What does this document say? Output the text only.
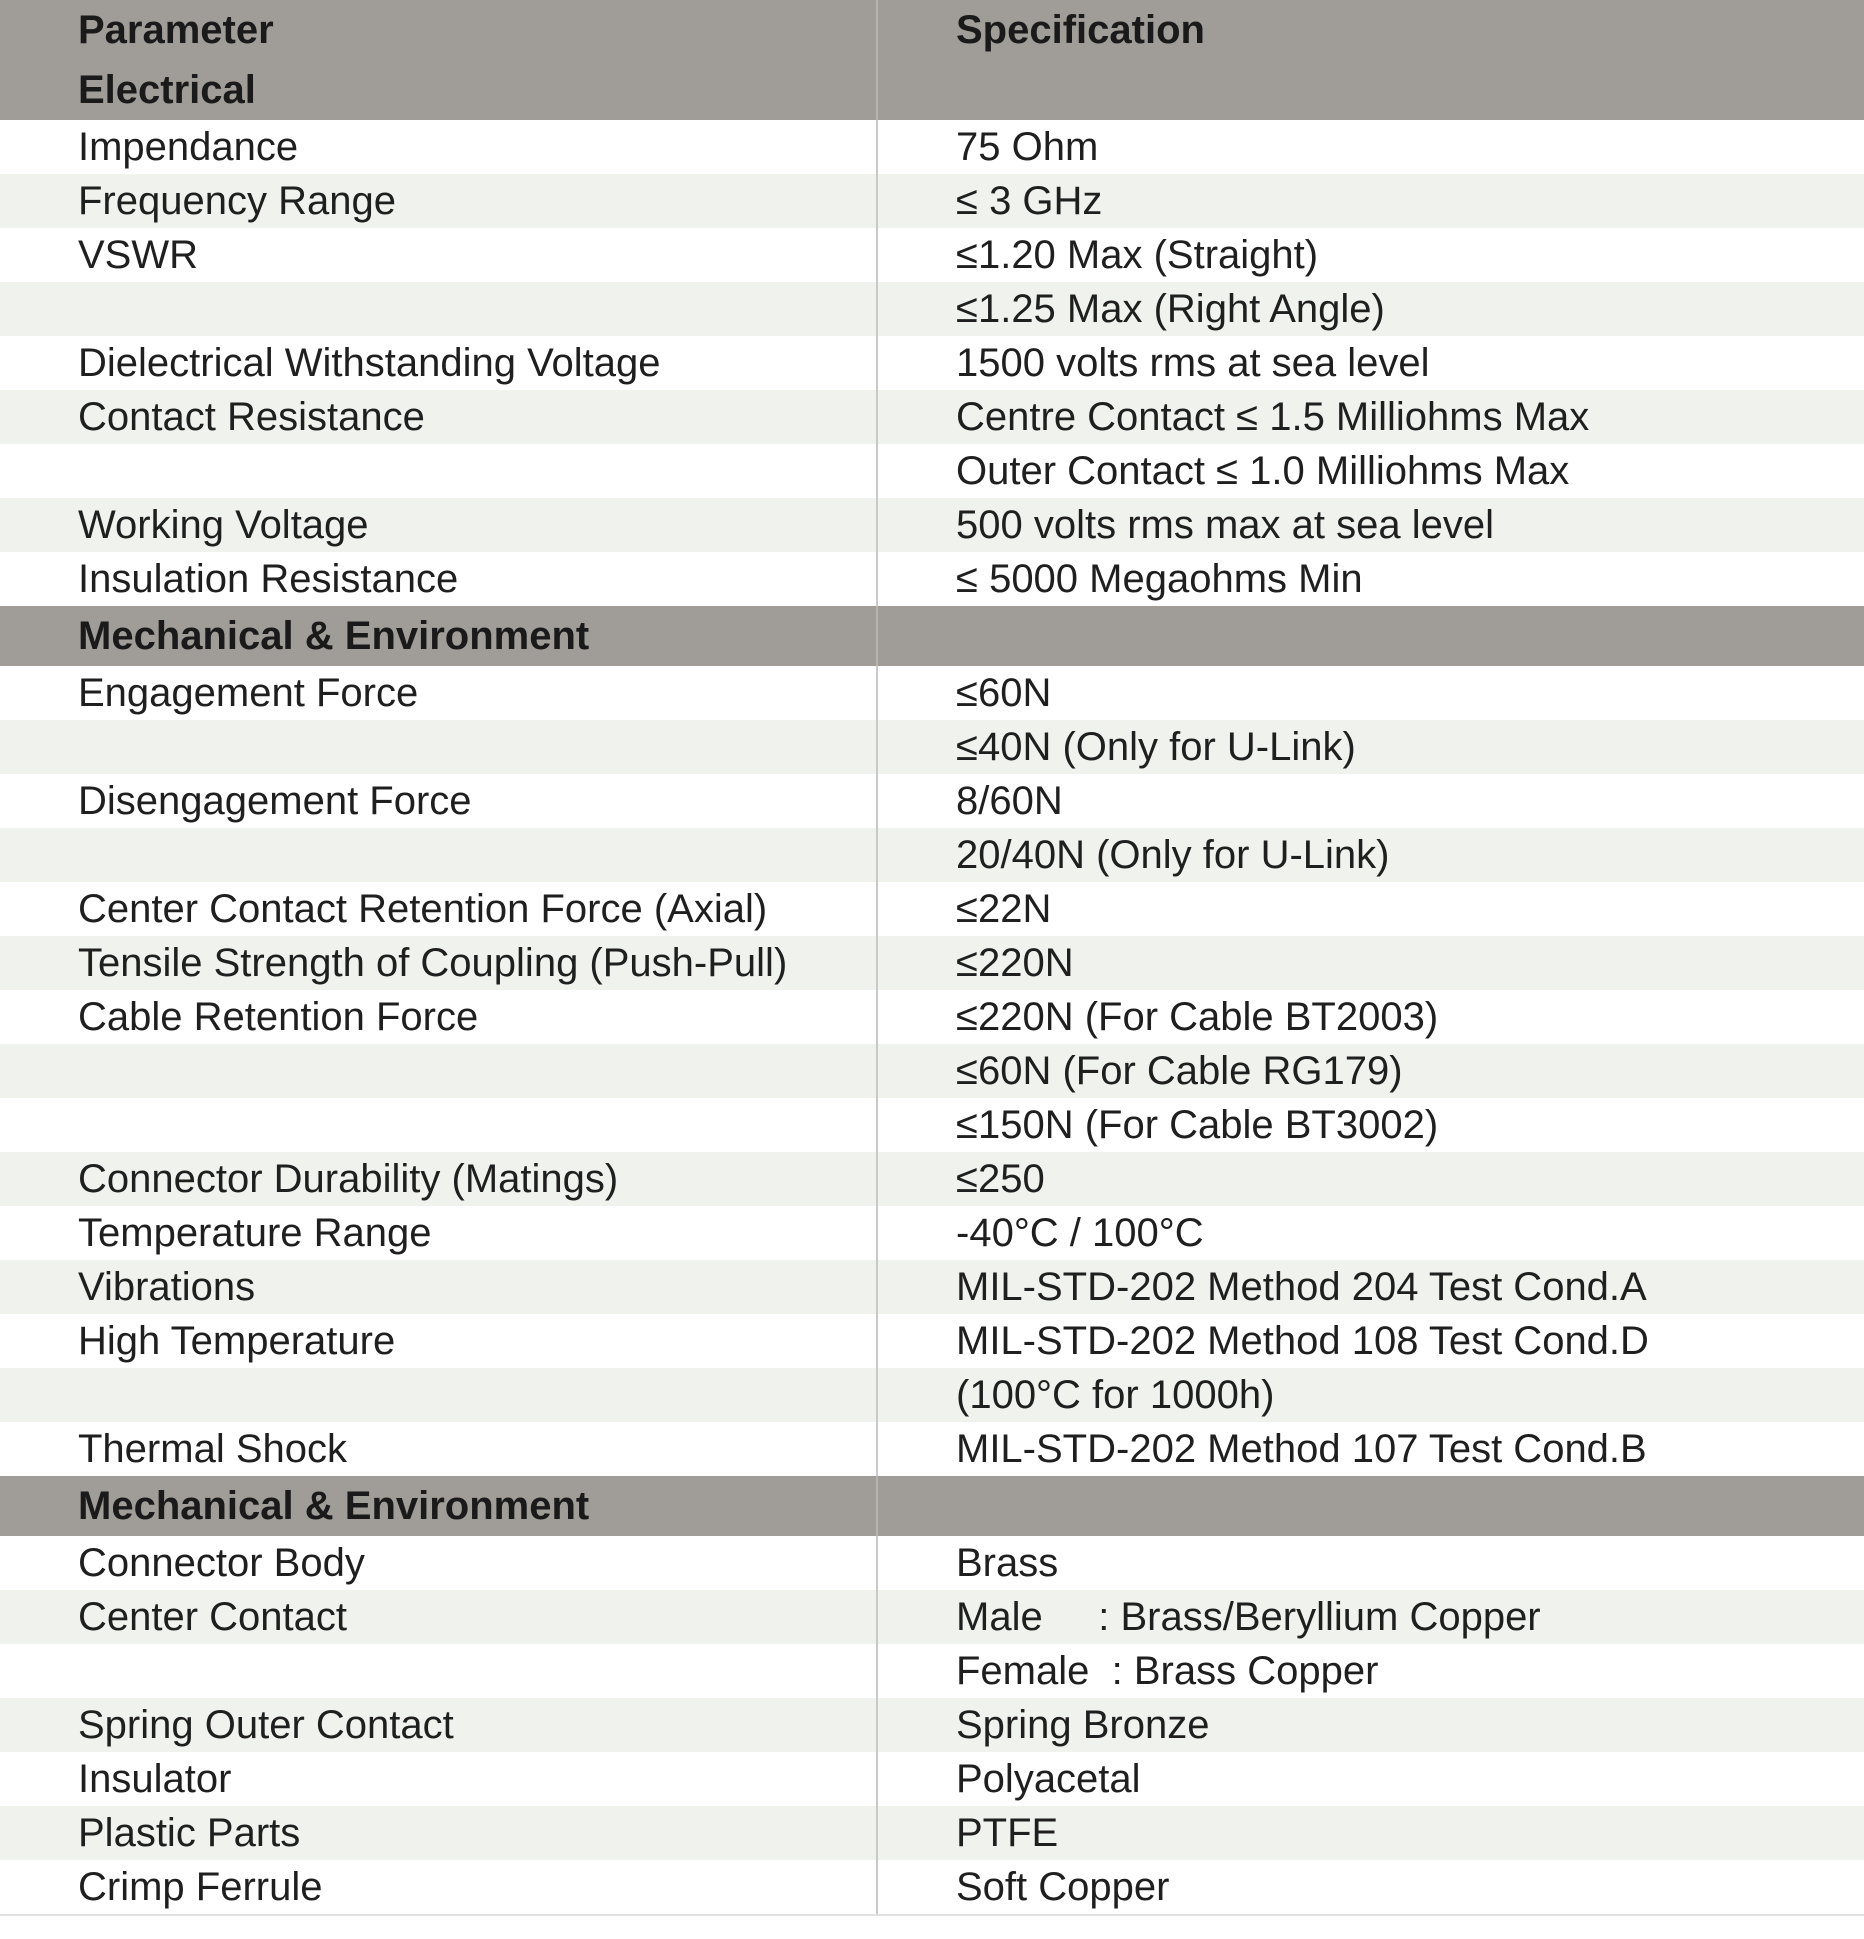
Parameter	Specification
Electrical	
Impendance	75 Ohm
Frequency Range	≤ 3 GHz
VSWR	≤1.20 Max (Straight)
	≤1.25 Max (Right Angle)
Dielectrical Withstanding Voltage	1500 volts rms at sea level
Contact Resistance	Centre Contact ≤ 1.5 Milliohms Max
	Outer Contact ≤ 1.0 Milliohms Max
Working Voltage	500 volts rms max at sea level
Insulation Resistance	≤ 5000 Megaohms Min
Mechanical & Environment	
Engagement Force	≤60N
	≤40N (Only for U-Link)
Disengagement Force	8/60N
	20/40N (Only for U-Link)
Center Contact Retention Force (Axial)	≤22N
Tensile Strength of Coupling (Push-Pull)	≤220N
Cable Retention Force	≤220N (For Cable BT2003)
	≤60N (For Cable RG179)
	≤150N (For Cable BT3002)
Connector Durability (Matings)	≤250
Temperature Range	-40°C / 100°C
Vibrations	MIL-STD-202 Method 204 Test Cond.A
High Temperature	MIL-STD-202 Method 108 Test Cond.D
	(100°C for 1000h)
Thermal Shock	MIL-STD-202 Method 107 Test Cond.B
Mechanical & Environment	
Connector Body	Brass
Center Contact	Male     : Brass/Beryllium Copper
	Female  : Brass Copper
Spring Outer Contact	Spring Bronze
Insulator	Polyacetal
Plastic Parts	PTFE
Crimp Ferrule	Soft Copper
